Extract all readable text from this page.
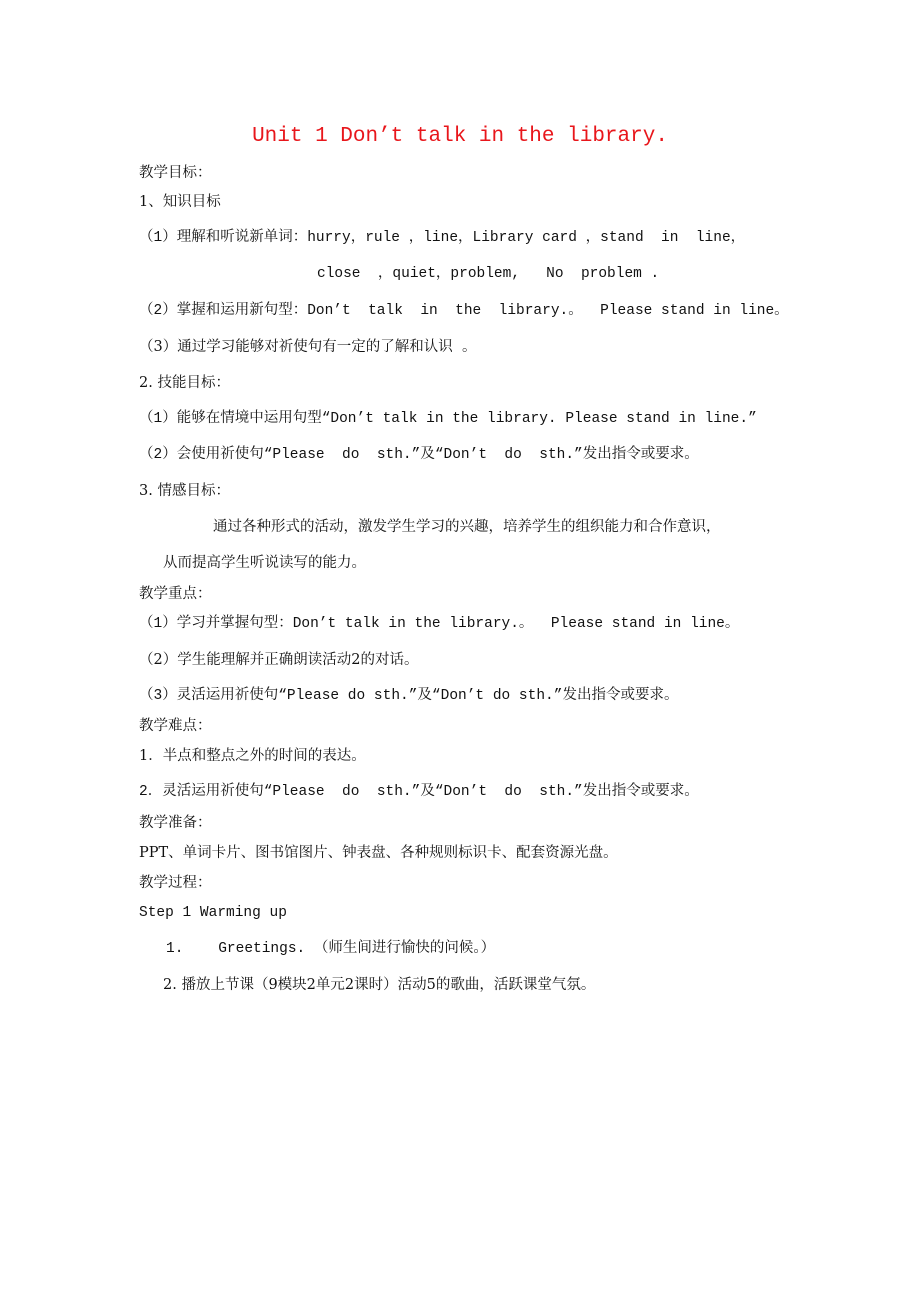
Unit 1 Don’t talk in the library.
教学目标：
1、知识目标
（1）理解和听说新单词：hurry，rule ，line，Library card ，stand  in  line，
close  ，quiet，problem,   No  problem .
（2）掌握和运用新句型：Don’t  talk  in  the  library.。  Please stand in line。
（3）通过学习能够对祈使句有一定的了解和认识  。
2. 技能目标：
（1）能够在情境中运用句型“Don’t talk in the library. Please stand in line.”
（2）会使用祈使句“Please  do  sth.”及“Don’t  do  sth.”发出指令或要求。
3. 情感目标：
通过各种形式的活动，激发学生学习的兴趣，培养学生的组织能力和合作意识，
从而提高学生听说读写的能力。
教学重点：
（1）学习并掌握句型：Don’t talk in the library.。  Please stand in line。
（2）学生能理解并正确朗读活动2的对话。
（3）灵活运用祈使句“Please do sth.”及“Don’t do sth.”发出指令或要求。
教学难点：
1．半点和整点之外的时间的表达。
2．灵活运用祈使句“Please  do  sth.”及“Don’t  do  sth.”发出指令或要求。
教学准备：
PPT、单词卡片、图书馆图片、钟表盘、各种规则标识卡、配套资源光盘。
教学过程：
Step 1 Warming up
1.    Greetings. （师生间进行愉快的问候。）
2. 播放上节课（9模块2单元2课时）活动5的歌曲，活跃课堂气氛。
